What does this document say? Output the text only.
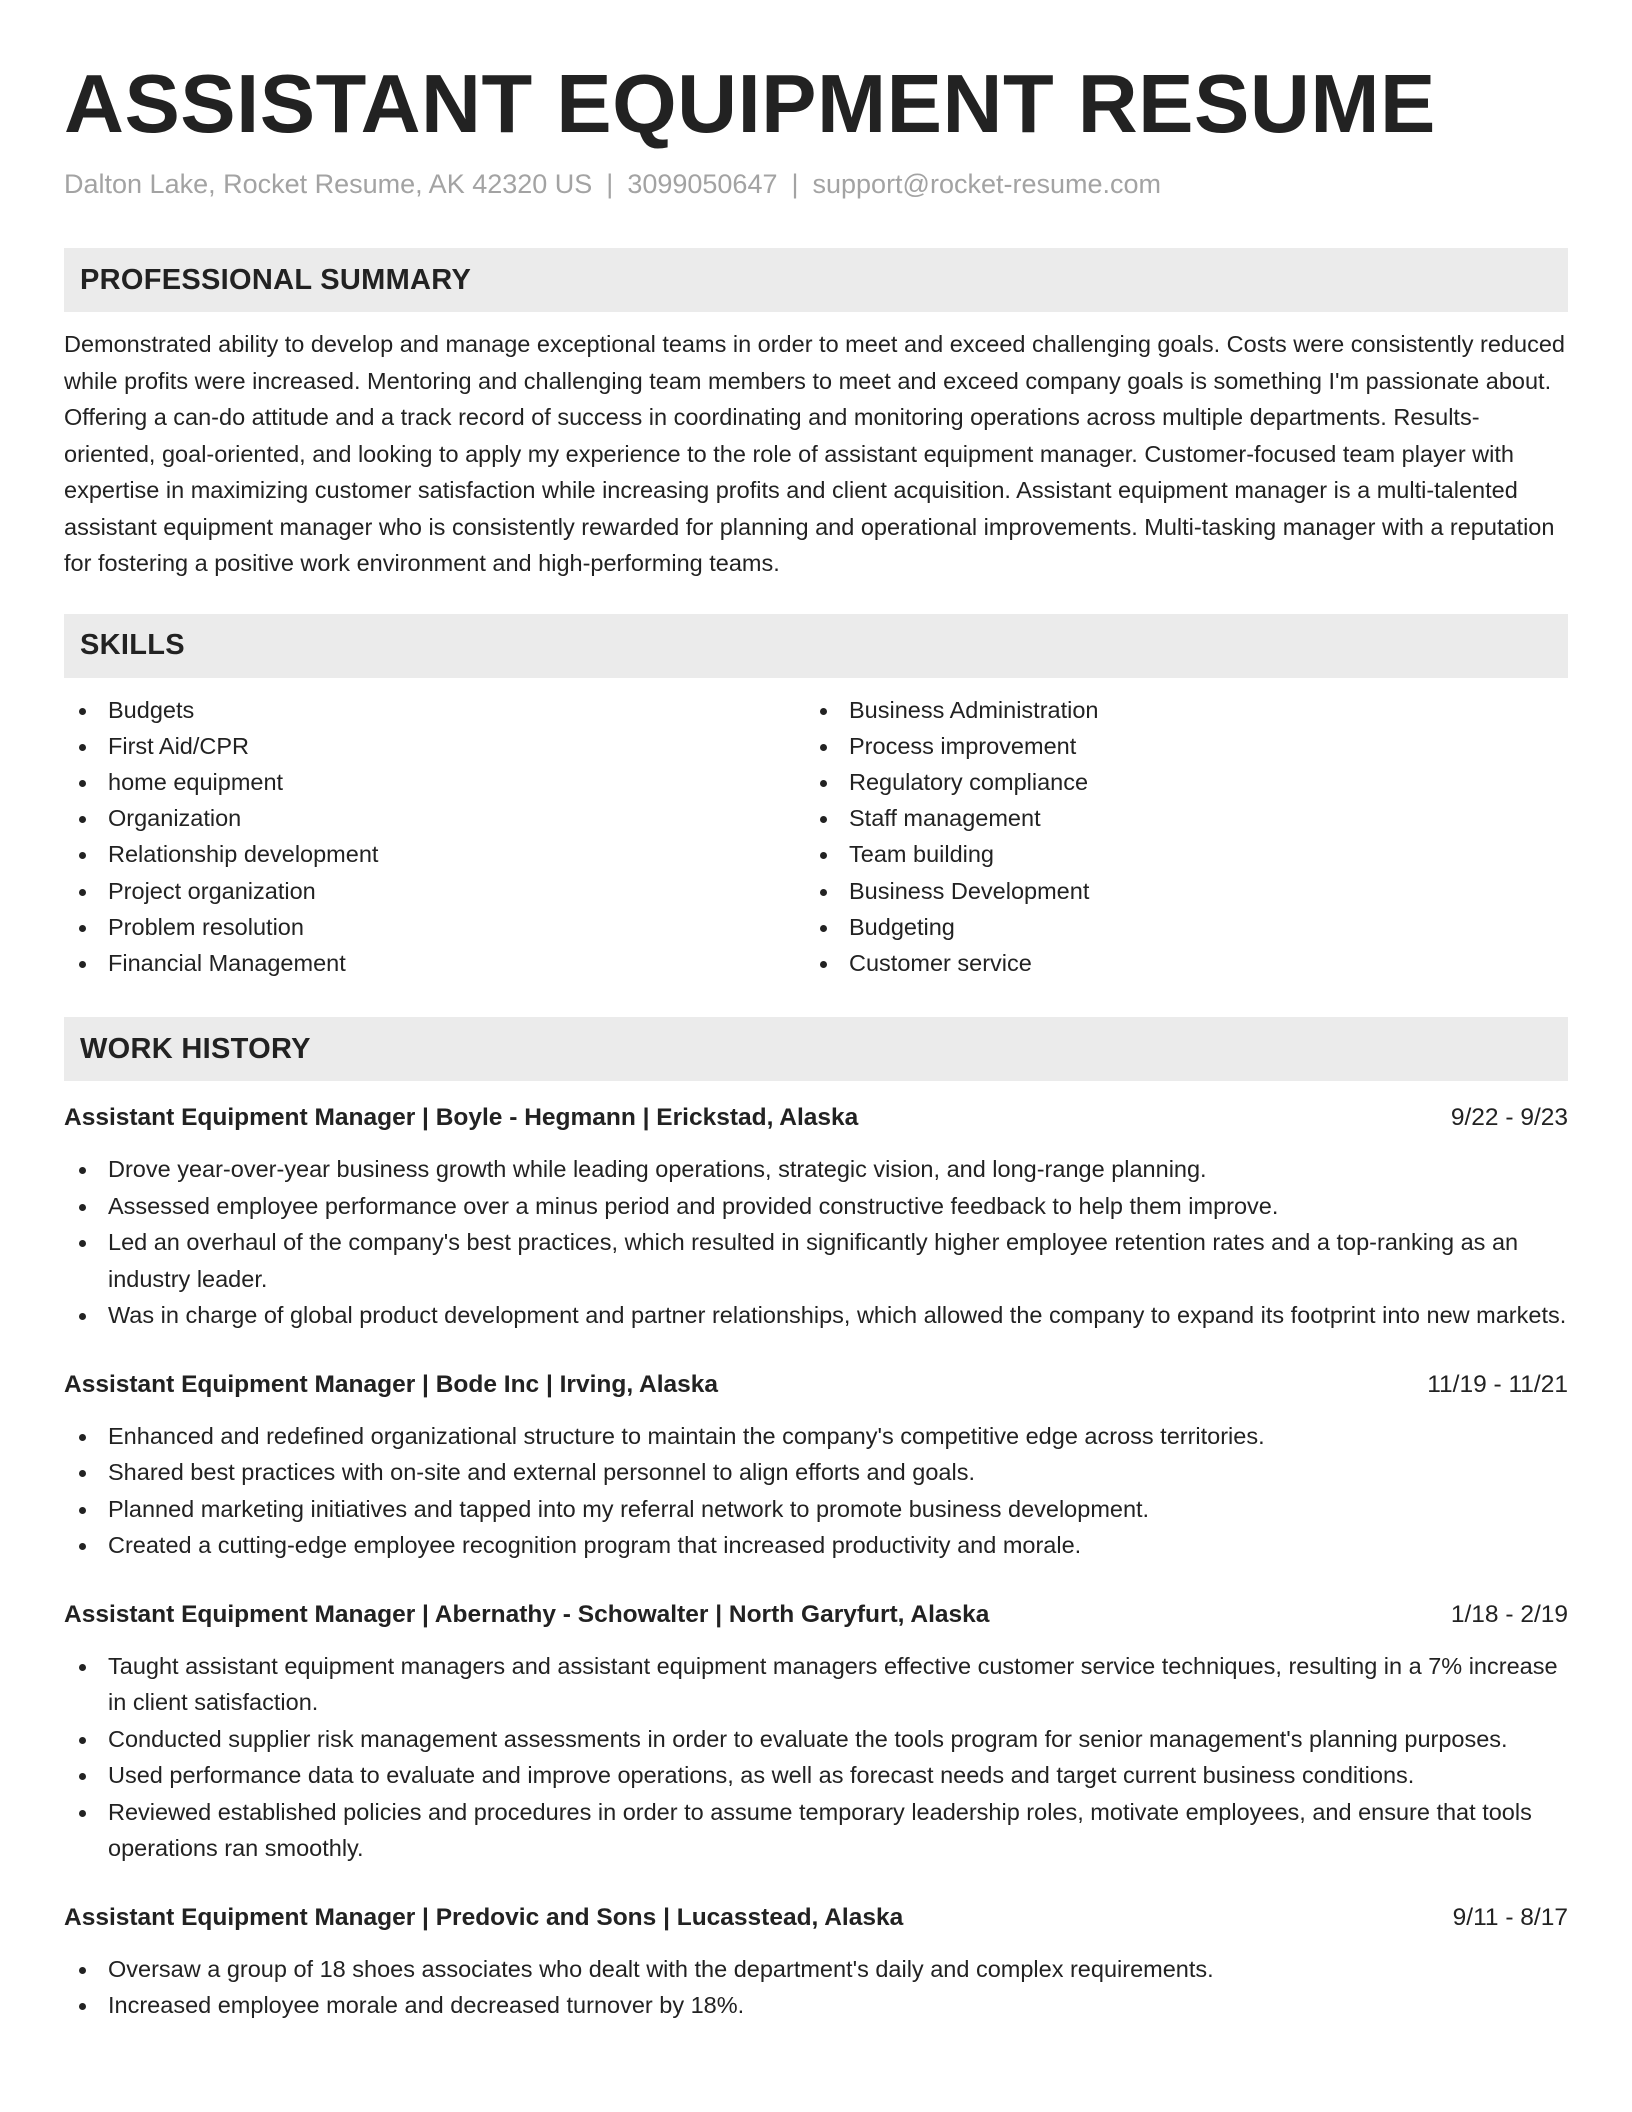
ASSISTANT EQUIPMENT RESUME
Dalton Lake, Rocket Resume, AK 42320 US | 3099050647 | support@rocket-resume.com
PROFESSIONAL SUMMARY

Demonstrated ability to develop and manage exceptional teams in order to meet and exceed challenging goals. Costs were consistently reduced while profits were increased. Mentoring and challenging team members to meet and exceed company goals is something I'm passionate about. Offering a can-do attitude and a track record of success in coordinating and monitoring operations across multiple departments. Results-oriented, goal-oriented, and looking to apply my experience to the role of assistant equipment manager. Customer-focused team player with expertise in maximizing customer satisfaction while increasing profits and client acquisition. Assistant equipment manager is a multi-talented assistant equipment manager who is consistently rewarded for planning and operational improvements. Multi-tasking manager with a reputation for fostering a positive work environment and high-performing teams.

SKILLS
Budgets
First Aid/CPR
home equipment
Organization
Relationship development
Project organization
Problem resolution
Financial Management
Business Administration
Process improvement
Regulatory compliance
Staff management
Team building
Business Development
Budgeting
Customer service
WORK HISTORY
Assistant Equipment Manager | Boyle - Hegmann | Erickstad, Alaska	9/22 - 9/23
Drove year-over-year business growth while leading operations, strategic vision, and long-range planning.
Assessed employee performance over a minus period and provided constructive feedback to help them improve.
Led an overhaul of the company's best practices, which resulted in significantly higher employee retention rates and a top-ranking as an industry leader.
Was in charge of global product development and partner relationships, which allowed the company to expand its footprint into new markets.
Assistant Equipment Manager | Bode Inc | Irving, Alaska	11/19 - 11/21
Enhanced and redefined organizational structure to maintain the company's competitive edge across territories.
Shared best practices with on-site and external personnel to align efforts and goals.
Planned marketing initiatives and tapped into my referral network to promote business development.
Created a cutting-edge employee recognition program that increased productivity and morale.
Assistant Equipment Manager | Abernathy - Schowalter | North Garyfurt, Alaska	1/18 - 2/19
Taught assistant equipment managers and assistant equipment managers effective customer service techniques, resulting in a 7% increase in client satisfaction.
Conducted supplier risk management assessments in order to evaluate the tools program for senior management's planning purposes.
Used performance data to evaluate and improve operations, as well as forecast needs and target current business conditions.
Reviewed established policies and procedures in order to assume temporary leadership roles, motivate employees, and ensure that tools operations ran smoothly.
Assistant Equipment Manager | Predovic and Sons | Lucasstead, Alaska	9/11 - 8/17
Oversaw a group of 18 shoes associates who dealt with the department's daily and complex requirements.
Increased employee morale and decreased turnover by 18%.
